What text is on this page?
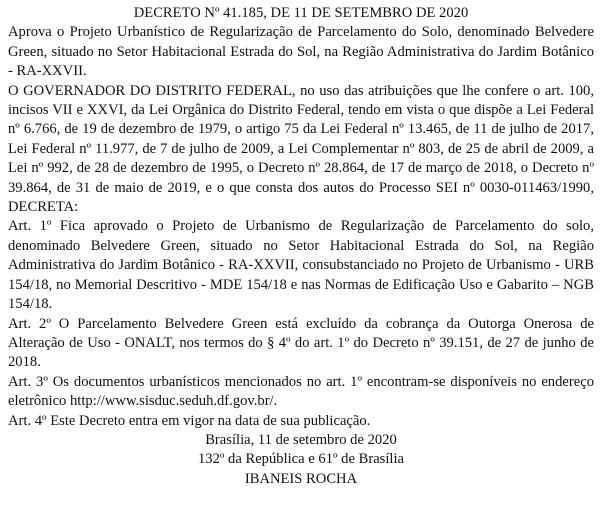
DECRETO Nº 41.185, DE 11 DE SETEMBRO DE 2020

Aprova o Projeto Urbanístico de Regularização de Parcelamento do Solo, denominado Belvedere Green, situado no Setor Habitacional Estrada do Sol, na Região Administrativa do Jardim Botânico - RA-XXVII.

O GOVERNADOR DO DISTRITO FEDERAL, no uso das atribuições que lhe confere o art. 100, incisos VII e XXVI, da Lei Orgânica do Distrito Federal, tendo em vista o que dispõe a Lei Federal nº 6.766, de 19 de dezembro de 1979, o artigo 75 da Lei Federal nº 13.465, de 11 de julho de 2017, Lei Federal nº 11.977, de 7 de julho de 2009, a Lei Complementar nº 803, de 25 de abril de 2009, a Lei nº 992, de 28 de dezembro de 1995, o Decreto nº 28.864, de 17 de março de 2018, o Decreto nº 39.864, de 31 de maio de 2019, e o que consta dos autos do Processo SEI nº 0030-011463/1990, DECRETA:

Art. 1º Fica aprovado o Projeto de Urbanismo de Regularização de Parcelamento do solo, denominado Belvedere Green, situado no Setor Habitacional Estrada do Sol, na Região Administrativa do Jardim Botânico - RA-XXVII, consubstanciado no Projeto de Urbanismo - URB 154/18, no Memorial Descritivo - MDE 154/18 e nas Normas de Edificação Uso e Gabarito – NGB 154/18.

Art. 2º O Parcelamento Belvedere Green está excluído da cobrança da Outorga Onerosa de Alteração de Uso - ONALT, nos termos do § 4º do art. 1º do Decreto nº 39.151, de 27 de junho de 2018.

Art. 3º Os documentos urbanísticos mencionados no art. 1º encontram-se disponíveis no endereço eletrônico http://www.sisduc.seduh.df.gov.br/.

Art. 4º Este Decreto entra em vigor na data de sua publicação.

Brasília, 11 de setembro de 2020

132º da República e 61º de Brasília

IBANEIS ROCHA
